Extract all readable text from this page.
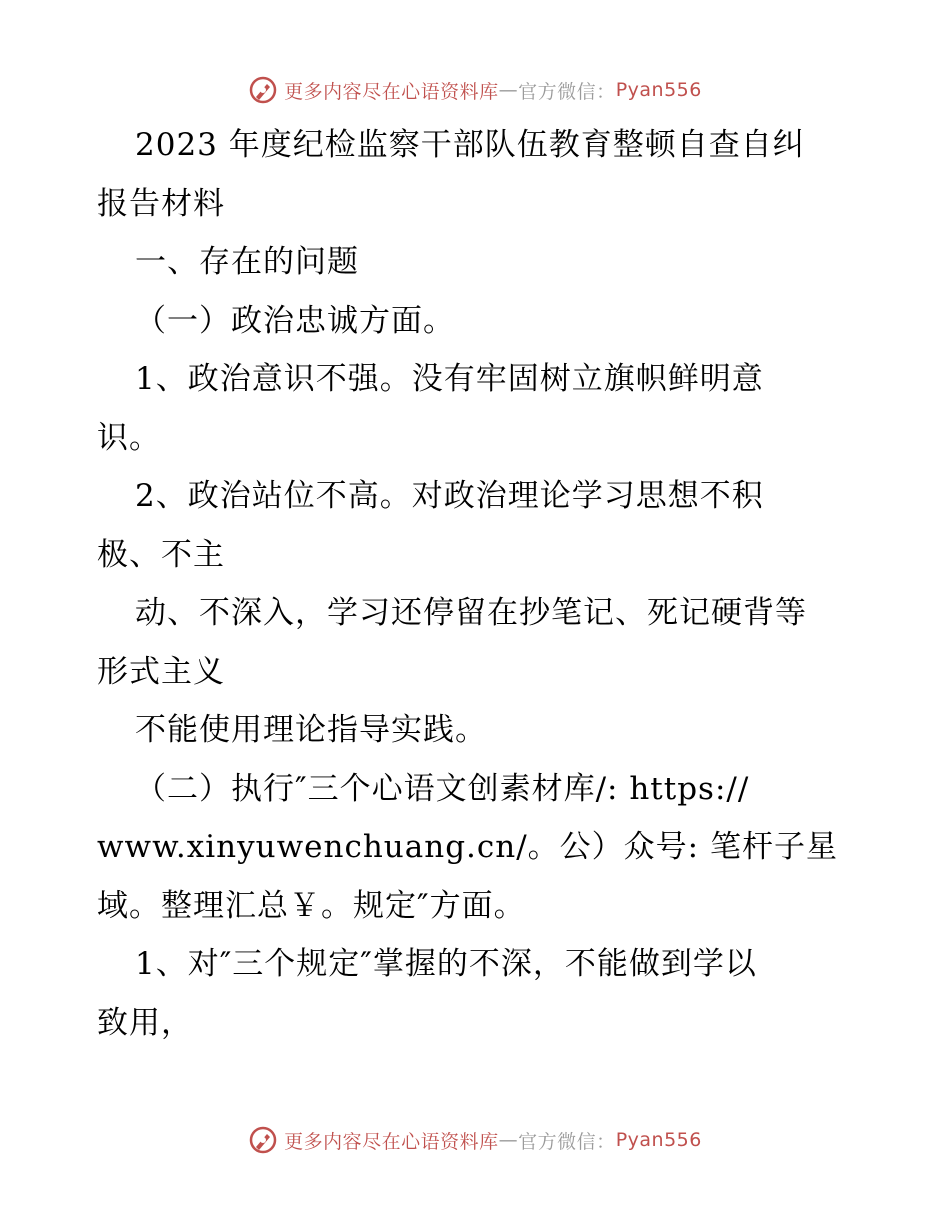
更多内容尽在心语资料库 — 官方微信： Pyan556
2023 年度纪检监察干部队伍教育整顿自查自纠
报告材料
一、存在的问题
（一）政治忠诚方面。
1、政治意识不强。没有牢固树立旗帜鲜明意
识。
2、政治站位不高。对政治理论学习思想不积
极、不主
动、不深入，学习还停留在抄笔记、死记硬背等
形式主义
不能使用理论指导实践。
（二）执行″三个心语文创素材库/: https://
www.xinyuwenchuang.cn/。公）众号: 笔杆子星
域。整理汇总￥。规定″方面。
1、对″三个规定″掌握的不深，不能做到学以
致用，
更多内容尽在心语资料库 — 官方微信： Pyan556
